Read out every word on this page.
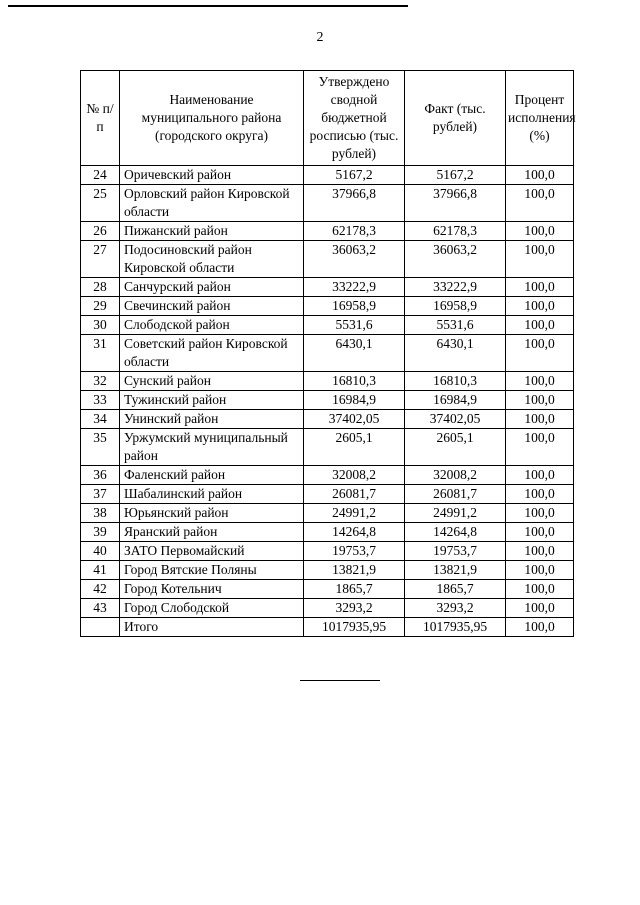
2
№ п/п	Наименование муниципального района (городского округа)	Утверждено сводной бюджетной росписью (тыс. рублей)	Факт (тыс. рублей)	Процент исполнения (%)
24	Оричевский район	5167,2	5167,2	100,0
25	Орловский район Кировской области	37966,8	37966,8	100,0
26	Пижанский район	62178,3	62178,3	100,0
27	Подосиновский район Кировской области	36063,2	36063,2	100,0
28	Санчурский район	33222,9	33222,9	100,0
29	Свечинский район	16958,9	16958,9	100,0
30	Слободской район	5531,6	5531,6	100,0
31	Советский район Кировской области	6430,1	6430,1	100,0
32	Сунский район	16810,3	16810,3	100,0
33	Тужинский район	16984,9	16984,9	100,0
34	Унинский район	37402,05	37402,05	100,0
35	Уржумский муниципальный район	2605,1	2605,1	100,0
36	Фаленский район	32008,2	32008,2	100,0
37	Шабалинский район	26081,7	26081,7	100,0
38	Юрьянский район	24991,2	24991,2	100,0
39	Яранский район	14264,8	14264,8	100,0
40	ЗАТО Первомайский	19753,7	19753,7	100,0
41	Город Вятские Поляны	13821,9	13821,9	100,0
42	Город Котельнич	1865,7	1865,7	100,0
43	Город Слободской	3293,2	3293,2	100,0
	Итого	1017935,95	1017935,95	100,0
